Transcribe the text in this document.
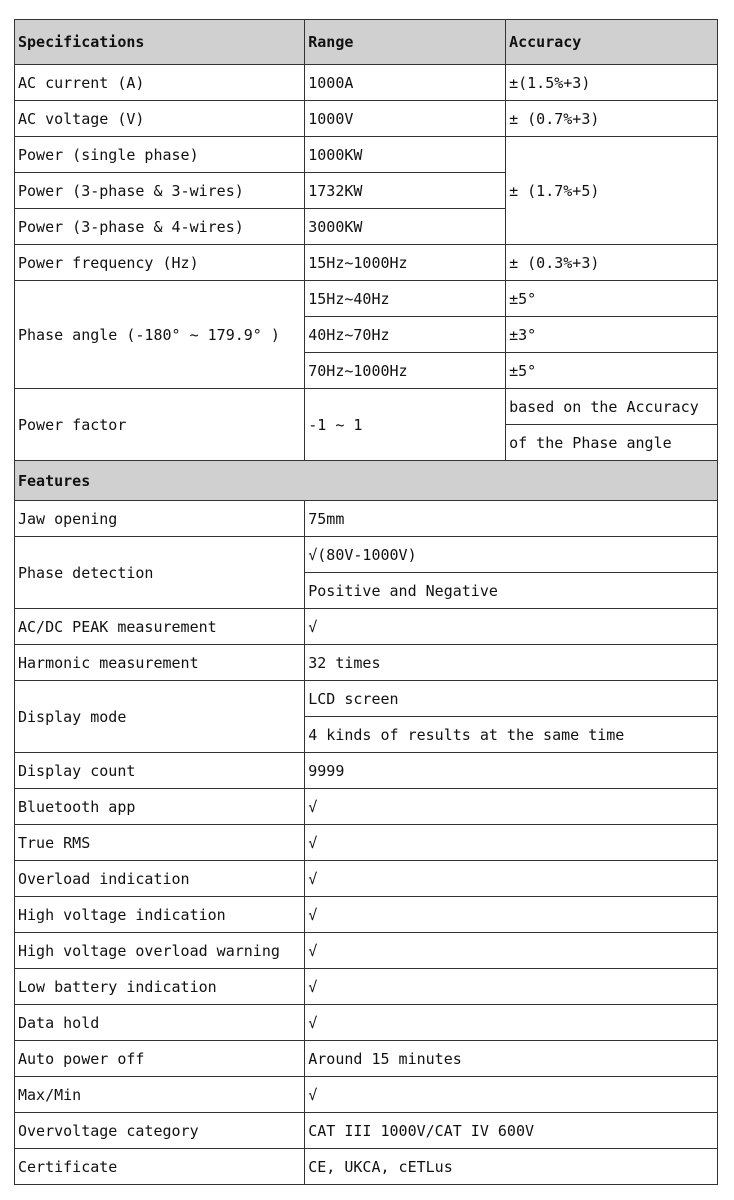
Specifications	Range	Accuracy
AC current (A)	1000A	±(1.5%+3)
AC voltage (V)	1000V	± (0.7%+3)
Power (single phase)	1000KW	± (1.7%+5)
Power (3-phase & 3-wires)	1732KW	
Power (3-phase & 4-wires)	3000KW	
Power frequency (Hz)	15Hz~1000Hz	± (0.3%+3)
Phase angle (-180° ~ 179.9° )	15Hz~40Hz	±5°
	40Hz~70Hz	±3°
	70Hz~1000Hz	±5°
Power factor	-1 ~ 1	based on the Accuracy
		of the Phase angle
Features		
Jaw opening	75mm	
Phase detection	√(80V-1000V)	
	Positive and Negative	
AC/DC PEAK measurement	√	
Harmonic measurement	32 times	
Display mode	LCD screen	
	4 kinds of results at the same time	
Display count	9999	
Bluetooth app	√	
True RMS	√	
Overload indication	√	
High voltage indication	√	
High voltage overload warning	√	
Low battery indication	√	
Data hold	√	
Auto power off	Around 15 minutes	
Max/Min	√	
Overvoltage category	CAT III 1000V/CAT IV 600V	
Certificate	CE, UKCA, cETLus	
